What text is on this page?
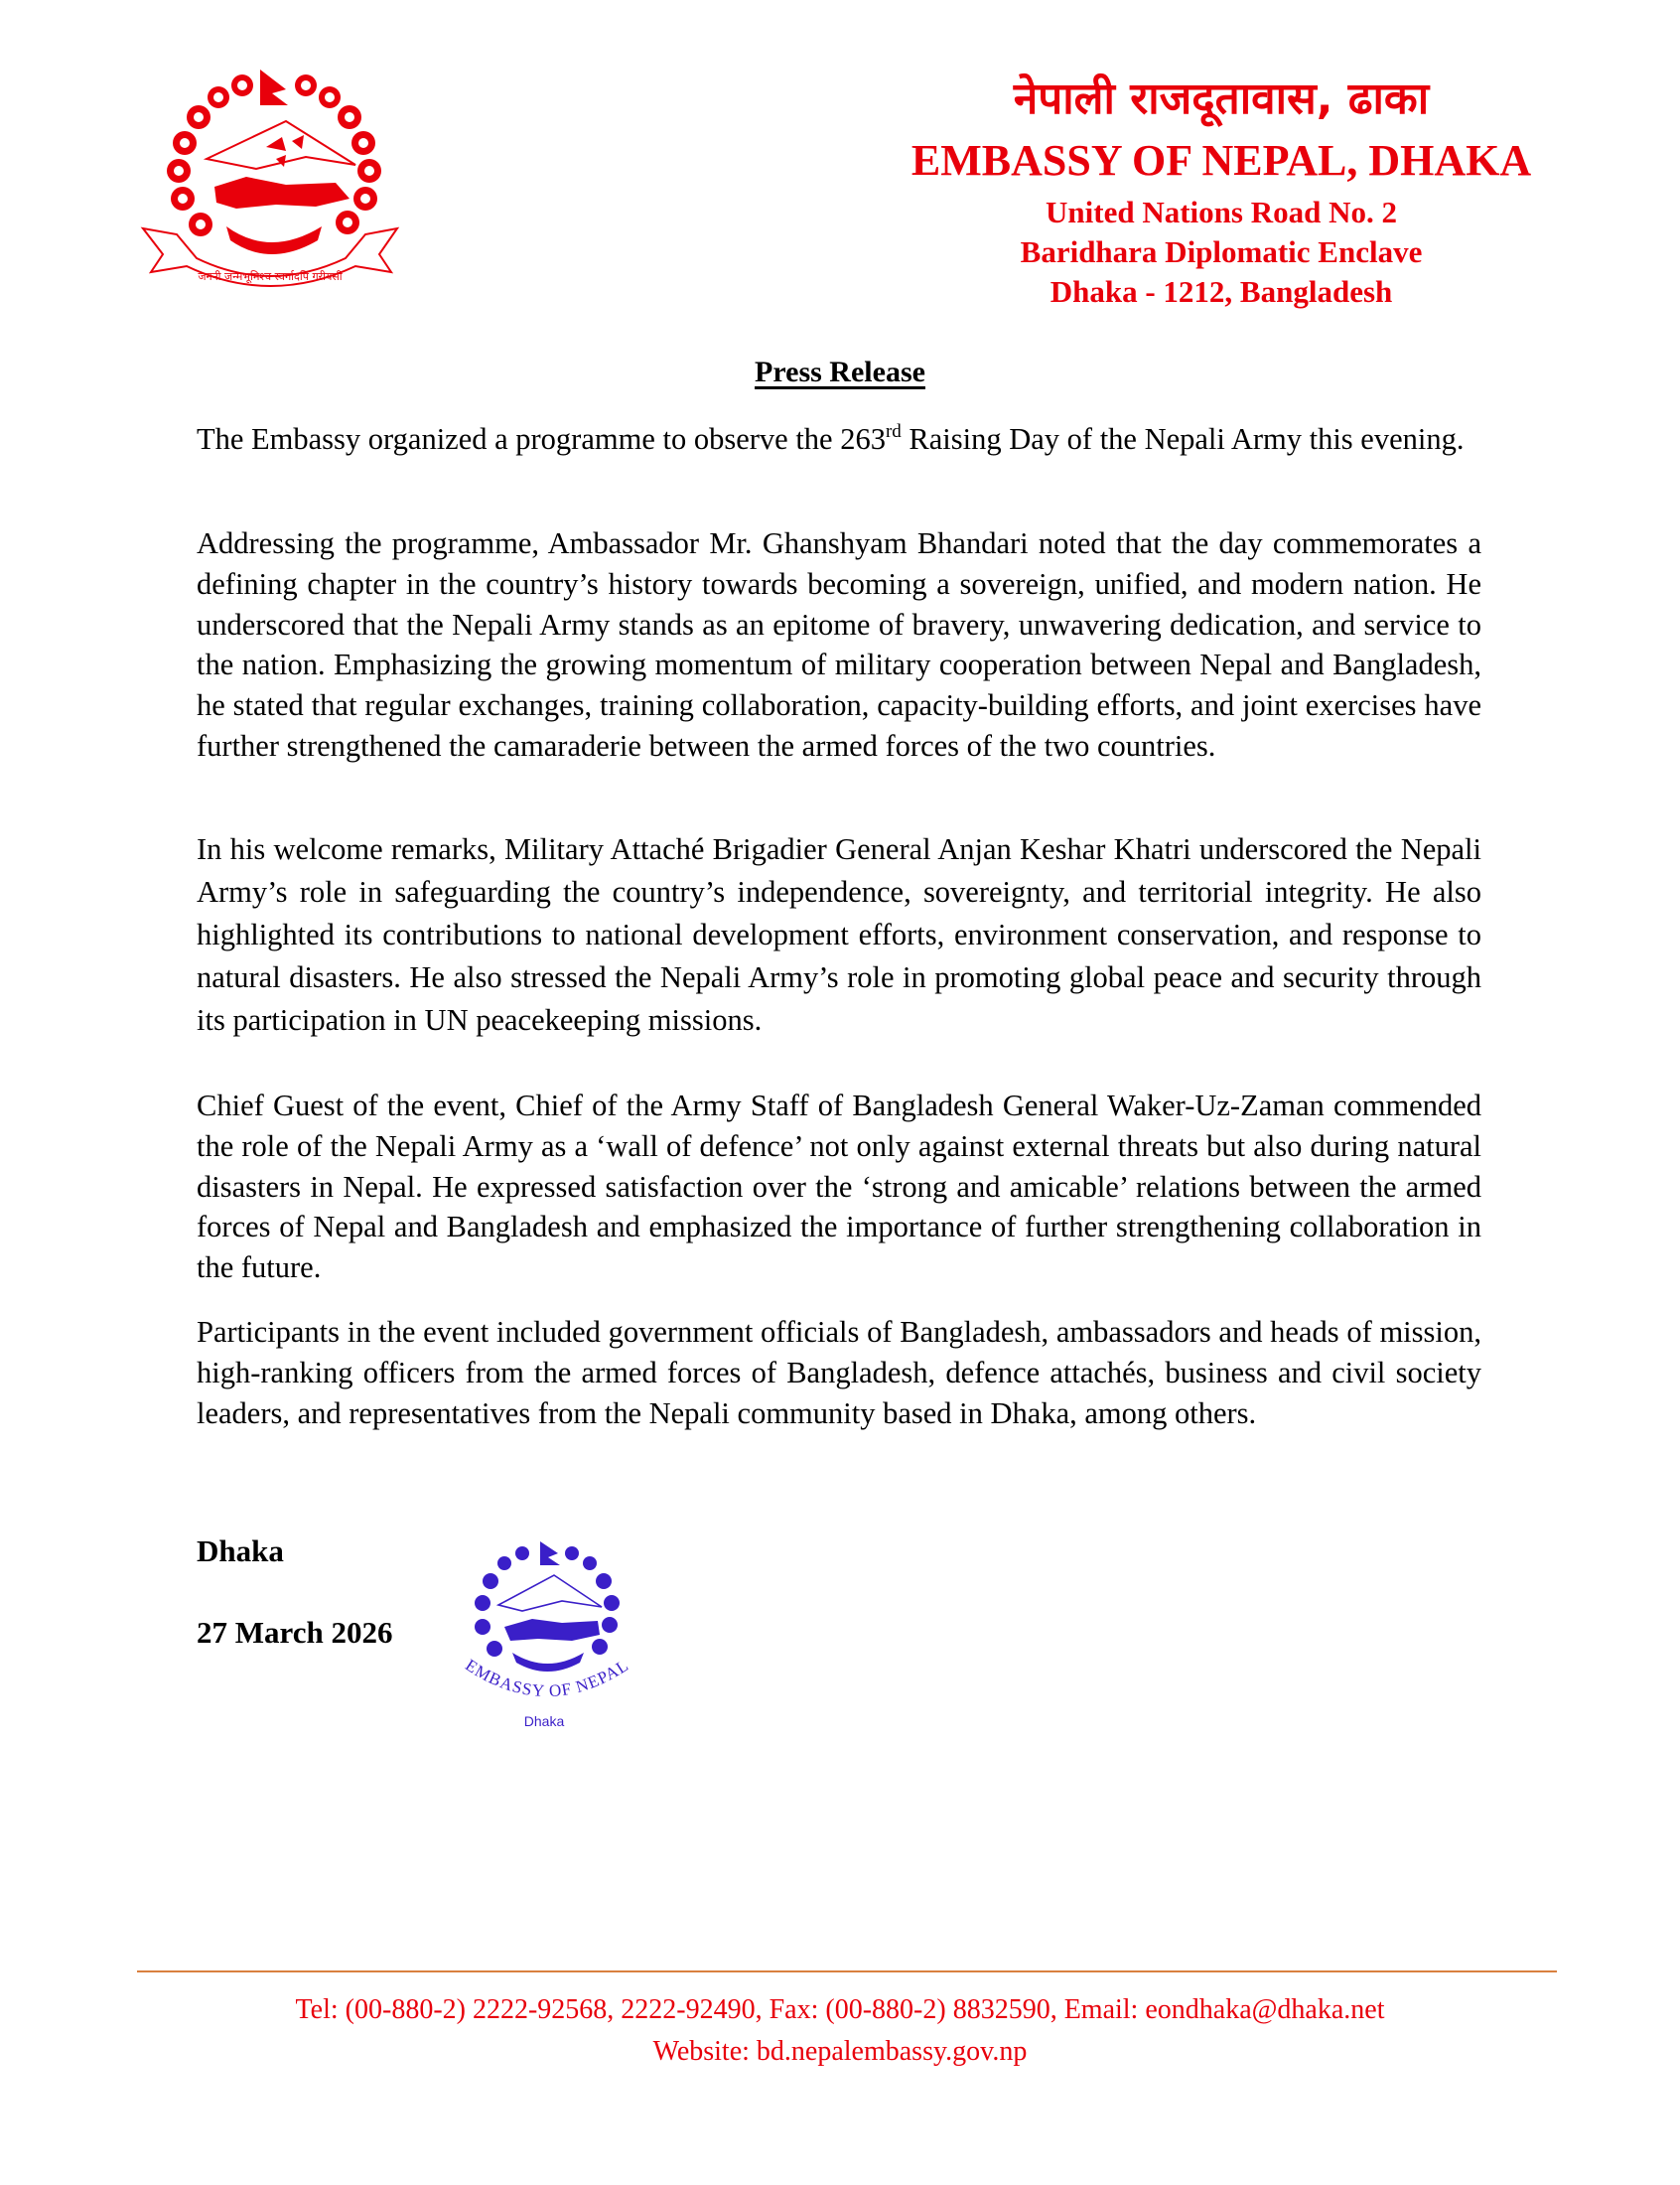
जननी जन्मभूमिश्च स्वर्गादपि गरीयसी
नेपाली राजदूतावास, ढाका
EMBASSY OF NEPAL, DHAKA
United Nations Road No. 2
Baridhara Diplomatic Enclave
Dhaka - 1212, Bangladesh
Press Release
The Embassy organized a programme to observe the 263rd Raising Day of the Nepali Army this evening.
Addressing the programme, Ambassador Mr. Ghanshyam Bhandari noted that the day commemorates a defining chapter in the country’s history towards becoming a sovereign, unified, and modern nation. He underscored that the Nepali Army stands as an epitome of bravery, unwavering dedication, and service to the nation. Emphasizing the growing momentum of military cooperation between Nepal and Bangladesh, he stated that regular exchanges, training collaboration, capacity-building efforts, and joint exercises have further strengthened the camaraderie between the armed forces of the two countries.
In his welcome remarks, Military Attaché Brigadier General Anjan Keshar Khatri underscored the Nepali Army’s role in safeguarding the country’s independence, sovereignty, and territorial integrity. He also highlighted its contributions to national development efforts, environment conservation, and response to natural disasters. He also stressed the Nepali Army’s role in promoting global peace and security through its participation in UN peacekeeping missions.
Chief Guest of the event, Chief of the Army Staff of Bangladesh General Waker-Uz-Zaman commended the role of the Nepali Army as a ‘wall of defence’ not only against external threats but also during natural disasters in Nepal. He expressed satisfaction over the ‘strong and amicable’ relations between the armed forces of Nepal and Bangladesh and emphasized the importance of further strengthening collaboration in the future.
Participants in the event included government officials of Bangladesh, ambassadors and heads of mission, high-ranking officers from the armed forces of Bangladesh, defence attachés, business and civil society leaders, and representatives from the Nepali community based in Dhaka, among others.
Dhaka
27 March 2026
EMBASSY OF NEPAL
Dhaka
Tel: (00-880-2) 2222-92568, 2222-92490, Fax: (00-880-2) 8832590, Email: eondhaka@dhaka.net
Website: bd.nepalembassy.gov.np
